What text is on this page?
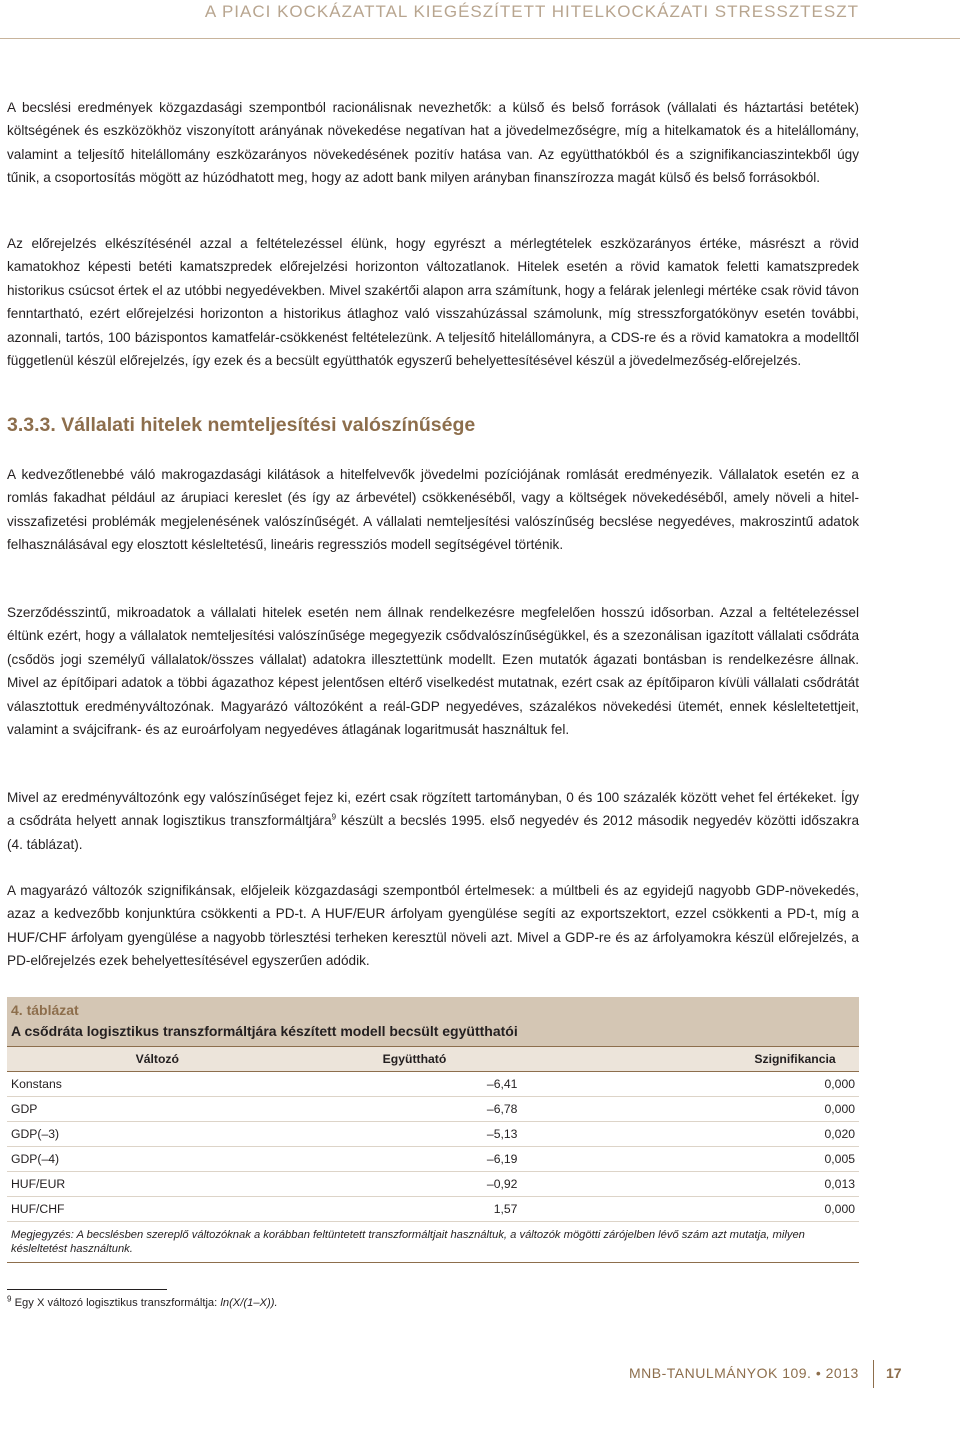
A PIACI KOCKÁZATTAL KIEGÉSZÍTETT HITELKOCKÁZATI STRESSZTESZT

A becslési eredmények közgazdasági szempontból racionálisnak nevezhetők: a külső és belső források (vállalati és háztartási betétek) költségének és eszközökhöz viszonyított arányának növekedése negatívan hat a jövedelmezőségre, míg a hitelkamatok és a hitelállomány, valamint a teljesítő hitelállomány eszközarányos növekedésének pozitív hatása van. Az együtthatókból és a szignifikanciaszintekből úgy tűnik, a csoportosítás mögött az húzódhatott meg, hogy az adott bank milyen arányban finanszírozza magát külső és belső forrásokból.

Az előrejelzés elkészítésénél azzal a feltételezéssel élünk, hogy egyrészt a mérlegtételek eszközarányos értéke, másrészt a rövid kamatokhoz képesti betéti kamatszpredek előrejelzési horizonton változatlanok. Hitelek esetén a rövid kamatok feletti kamatszpredek historikus csúcsot értek el az utóbbi negyedévekben. Mivel szakértői alapon arra számítunk, hogy a felárak jelenlegi mértéke csak rövid távon fenntartható, ezért előrejelzési horizonton a historikus átlaghoz való visszahúzással számolunk, míg stresszforgatókönyv esetén további, azonnali, tartós, 100 bázispontos kamatfelár-csökkenést feltételezünk. A teljesítő hitelállományra, a CDS-re és a rövid kamatokra a modelltől függetlenül készül előrejelzés, így ezek és a becsült együtthatók egyszerű behelyettesítésével készül a jövedelmezőség-előrejelzés.

3.3.3. Vállalati hitelek nemteljesítési valószínűsége

A kedvezőtlenebbé váló makrogazdasági kilátások a hitelfelvevők jövedelmi pozíciójának romlását eredményezik. Vállalatok esetén ez a romlás fakadhat például az árupiaci kereslet (és így az árbevétel) csökkenéséből, vagy a költségek növekedéséből, amely növeli a hitel-visszafizetési problémák megjelenésének valószínűségét. A vállalati nemteljesítési valószínűség becslése negyedéves, makroszintű adatok felhasználásával egy elosztott késleltetésű, lineáris regressziós modell segítségével történik.

Szerződésszintű, mikroadatok a vállalati hitelek esetén nem állnak rendelkezésre megfelelően hosszú idősorban. Azzal a feltételezéssel éltünk ezért, hogy a vállalatok nemteljesítési valószínűsége megegyezik csődvalószínűségükkel, és a szezonálisan igazított vállalati csődráta (csődös jogi személyű vállalatok/összes vállalat) adatokra illesztettünk modellt. Ezen mutatók ágazati bontásban is rendelkezésre állnak. Mivel az építőipari adatok a többi ágazathoz képest jelentősen eltérő viselkedést mutatnak, ezért csak az építőiparon kívüli vállalati csődrátát választottuk eredményváltozónak. Magyarázó változóként a reál-GDP negyedéves, százalékos növekedési ütemét, ennek késleltetettjeit, valamint a svájcifrank- és az euroárfolyam negyedéves átlagának logaritmusát használtuk fel.

Mivel az eredményváltozónk egy valószínűséget fejez ki, ezért csak rögzített tartományban, 0 és 100 százalék között vehet fel értékeket. Így a csődráta helyett annak logisztikus transzformáltjára$^9$ készült a becslés 1995. első negyedév és 2012 második negyedév közötti időszakra (4. táblázat).

A magyarázó változók szignifikánsak, előjeleik közgazdasági szempontból értelmesek: a múltbeli és az egyidejű nagyobb GDP-növekedés, azaz a kedvezőbb konjunktúra csökkenti a PD-t. A HUF/EUR árfolyam gyengülése segíti az exportszektort, ezzel csökkenti a PD-t, míg a HUF/CHF árfolyam gyengülése a nagyobb törlesztési terheken keresztül növeli azt. Mivel a GDP-re és az árfolyamokra készül előrejelzés, a PD-előrejelzés ezek behelyettesítésével egyszerűen adódik.

4. táblázat
A csődráta logisztikus transzformáltjára készített modell becsült együtthatói
Változó	Együttható	Szignifikancia
Konstans	–6,41	0,000
GDP	–6,78	0,000
GDP(–3)	–5,13	0,020
GDP(–4)	–6,19	0,005
HUF/EUR	–0,92	0,013
HUF/CHF	1,57	0,000
Megjegyzés: A becslésben szereplő változóknak a korábban feltüntetett transzformáltjait használtuk, a változók mögötti zárójelben lévő szám azt mutatja, milyen késleltetést használtunk.
$^9$ Egy X változó logisztikus transzformáltja: ln(X/(1–X)).
MNB-TANULMÁNYOK 109. • 2013 17
